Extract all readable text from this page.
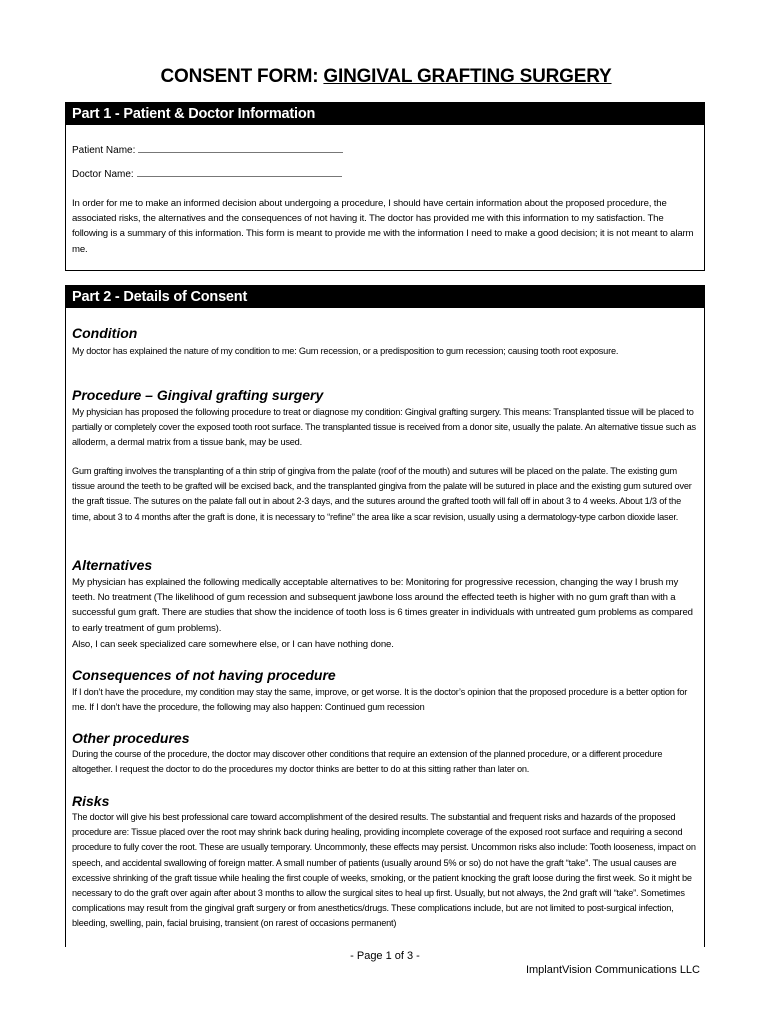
CONSENT FORM: GINGIVAL GRAFTING SURGERY
Part 1 - Patient & Doctor Information
Patient Name:
Doctor Name:

In order for me to make an informed decision about undergoing a procedure, I should have certain information about the proposed procedure, the associated risks, the alternatives and the consequences of not having it. The doctor has provided me with this information to my satisfaction. The following is a summary of this information. This form is meant to provide me with the information I need to make a good decision; it is not meant to alarm me.

Part 2 - Details of Consent

Condition

My doctor has explained the nature of my condition to me: Gum recession, or a predisposition to gum recession; causing tooth root exposure.

Procedure – Gingival grafting surgery

My physician has proposed the following procedure to treat or diagnose my condition: Gingival grafting surgery. This means: Transplanted tissue will be placed to partially or completely cover the exposed tooth root surface. The transplanted tissue is received from a donor site, usually the palate. An alternative tissue such as alloderm, a dermal matrix from a tissue bank, may be used.

Gum grafting involves the transplanting of a thin strip of gingiva from the palate (roof of the mouth) and sutures will be placed on the palate. The existing gum tissue around the teeth to be grafted will be excised back, and the transplanted gingiva from the palate will be sutured in place and the existing gum sutured over the graft tissue. The sutures on the palate fall out in about 2-3 days, and the sutures around the grafted tooth will fall off in about 3 to 4 weeks. About 1/3 of the time, about 3 to 4 months after the graft is done, it is necessary to “refine” the area like a scar revision, usually using a dermatology-type carbon dioxide laser.

Alternatives

My physician has explained the following medically acceptable alternatives to be: Monitoring for progressive recession, changing the way I brush my teeth. No treatment (The likelihood of gum recession and subsequent jawbone loss around the effected teeth is higher with no gum graft than with a successful gum graft. There are studies that show the incidence of tooth loss is 6 times greater in individuals with untreated gum problems as compared to early treatment of gum problems).

Also, I can seek specialized care somewhere else, or I can have nothing done.

Consequences of not having procedure

If I don’t have the procedure, my condition may stay the same, improve, or get worse. It is the doctor’s opinion that the proposed procedure is a better option for me. If I don’t have the procedure, the following may also happen: Continued gum recession

Other procedures

During the course of the procedure, the doctor may discover other conditions that require an extension of the planned procedure, or a different procedure altogether. I request the doctor to do the procedures my doctor thinks are better to do at this sitting rather than later on.

Risks

The doctor will give his best professional care toward accomplishment of the desired results. The substantial and frequent risks and hazards of the proposed procedure are: Tissue placed over the root may shrink back during healing, providing incomplete coverage of the exposed root surface and requiring a second procedure to fully cover the root. These are usually temporary. Uncommonly, these effects may persist. Uncommon risks also include: Tooth looseness, impact on speech, and accidental swallowing of foreign matter. A small number of patients (usually around 5% or so) do not have the graft “take”. The usual causes are excessive shrinking of the graft tissue while healing the first couple of weeks, smoking, or the patient knocking the graft loose during the first week. So it might be necessary to do the graft over again after about 3 months to allow the surgical sites to heal up first. Usually, but not always, the 2nd graft will “take”. Sometimes complications may result from the gingival graft surgery or from anesthetics/drugs. These complications include, but are not limited to post-surgical infection, bleeding, swelling, pain, facial bruising, transient (on rarest of occasions permanent)

- Page 1 of 3 -
ImplantVision Communications LLC
